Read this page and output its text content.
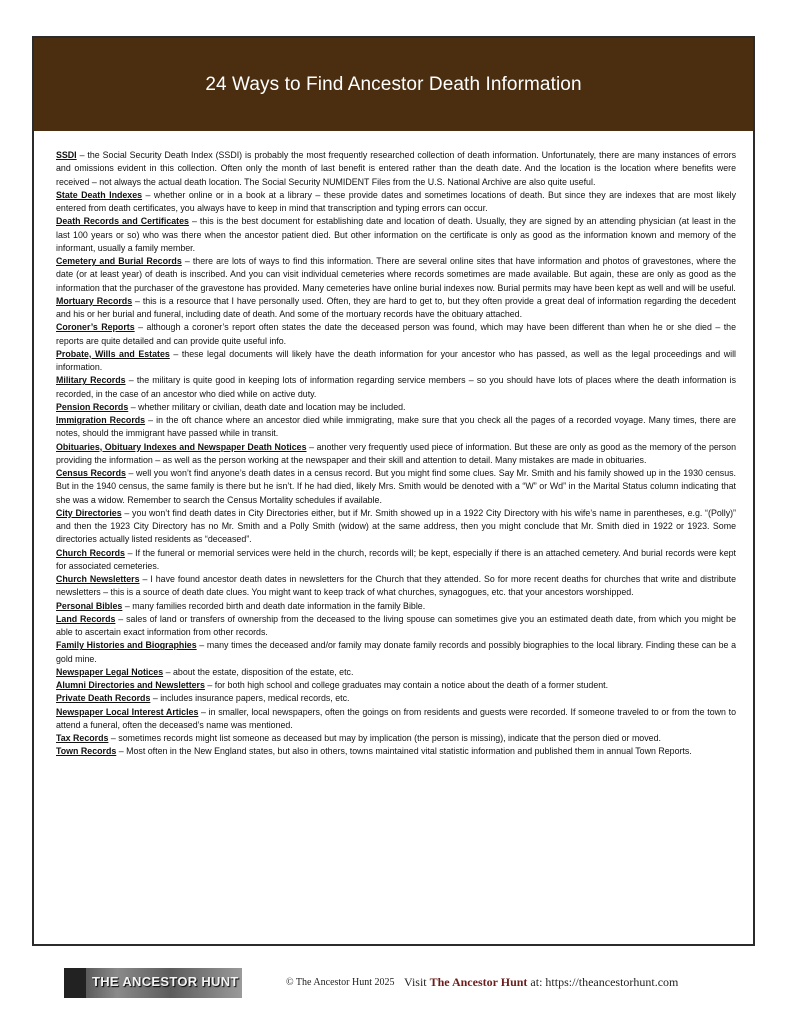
24 Ways to Find Ancestor Death Information

SSDI – the Social Security Death Index (SSDI) is probably the most frequently researched collection of death information. Unfortunately, there are many instances of errors and omissions evident in this collection. Often only the month of last benefit is entered rather than the death date. And the location is the location where benefits were received – not always the actual death location. The Social Security NUMIDENT Files from the U.S. National Archive are also quite useful.

State Death Indexes – whether online or in a book at a library – these provide dates and sometimes locations of death. But since they are indexes that are most likely entered from death certificates, you always have to keep in mind that transcription and typing errors can occur.

Death Records and Certificates – this is the best document for establishing date and location of death. Usually, they are signed by an attending physician (at least in the last 100 years or so) who was there when the ancestor patient died. But other information on the certificate is only as good as the information known and memory of the informant, usually a family member.

Cemetery and Burial Records – there are lots of ways to find this information. There are several online sites that have information and photos of gravestones, where the date (or at least year) of death is inscribed. And you can visit individual cemeteries where records sometimes are made available. But again, these are only as good as the information that the purchaser of the gravestone has provided. Many cemeteries have online burial indexes now. Burial permits may have been kept as well and will be useful.

Mortuary Records – this is a resource that I have personally used. Often, they are hard to get to, but they often provide a great deal of information regarding the decedent and his or her burial and funeral, including date of death. And some of the mortuary records have the obituary attached.

Coroner’s Reports – although a coroner’s report often states the date the deceased person was found, which may have been different than when he or she died – the reports are quite detailed and can provide quite useful info.

Probate, Wills and Estates – these legal documents will likely have the death information for your ancestor who has passed, as well as the legal proceedings and will information.

Military Records – the military is quite good in keeping lots of information regarding service members – so you should have lots of places where the death information is recorded, in the case of an ancestor who died while on active duty.

Pension Records – whether military or civilian, death date and location may be included.

Immigration Records – in the oft chance where an ancestor died while immigrating, make sure that you check all the pages of a recorded voyage. Many times, there are notes, should the immigrant have passed while in transit.

Obituaries, Obituary Indexes and Newspaper Death Notices – another very frequently used piece of information. But these are only as good as the memory of the person providing the information – as well as the person working at the newspaper and their skill and attention to detail. Many mistakes are made in obituaries.

Census Records – well you won’t find anyone’s death dates in a census record. But you might find some clues. Say Mr. Smith and his family showed up in the 1930 census. But in the 1940 census, the same family is there but he isn’t. If he had died, likely Mrs. Smith would be denoted with a “W” or Wd” in the Marital Status column indicating that she was a widow. Remember to search the Census Mortality schedules if available.

City Directories – you won’t find death dates in City Directories either, but if Mr. Smith showed up in a 1922 City Directory with his wife’s name in parentheses, e.g. “(Polly)” and then the 1923 City Directory has no Mr. Smith and a Polly Smith (widow) at the same address, then you might conclude that Mr. Smith died in 1922 or 1923. Some directories actually listed residents as “deceased”.

Church Records – If the funeral or memorial services were held in the church, records will; be kept, especially if there is an attached cemetery. And burial records were kept for associated cemeteries.

Church Newsletters – I have found ancestor death dates in newsletters for the Church that they attended. So for more recent deaths for churches that write and distribute newsletters – this is a source of death date clues. You might want to keep track of what churches, synagogues, etc. that your ancestors worshipped.

Personal Bibles – many families recorded birth and death date information in the family Bible.

Land Records – sales of land or transfers of ownership from the deceased to the living spouse can sometimes give you an estimated death date, from which you might be able to ascertain exact information from other records.

Family Histories and Biographies – many times the deceased and/or family may donate family records and possibly biographies to the local library. Finding these can be a gold mine.

Newspaper Legal Notices – about the estate, disposition of the estate, etc.

Alumni Directories and Newsletters – for both high school and college graduates may contain a notice about the death of a former student.

Private Death Records – includes insurance papers, medical records, etc.

Newspaper Local Interest Articles – in smaller, local newspapers, often the goings on from residents and guests were recorded. If someone traveled to or from the town to attend a funeral, often the deceased’s name was mentioned.

Tax Records – sometimes records might list someone as deceased but may by implication (the person is missing), indicate that the person died or moved.

Town Records – Most often in the New England states, but also in others, towns maintained vital statistic information and published them in annual Town Reports.

THE ANCESTOR HUNT	© The Ancestor Hunt 2025 Visit The Ancestor Hunt at: https://theancestorhunt.com
